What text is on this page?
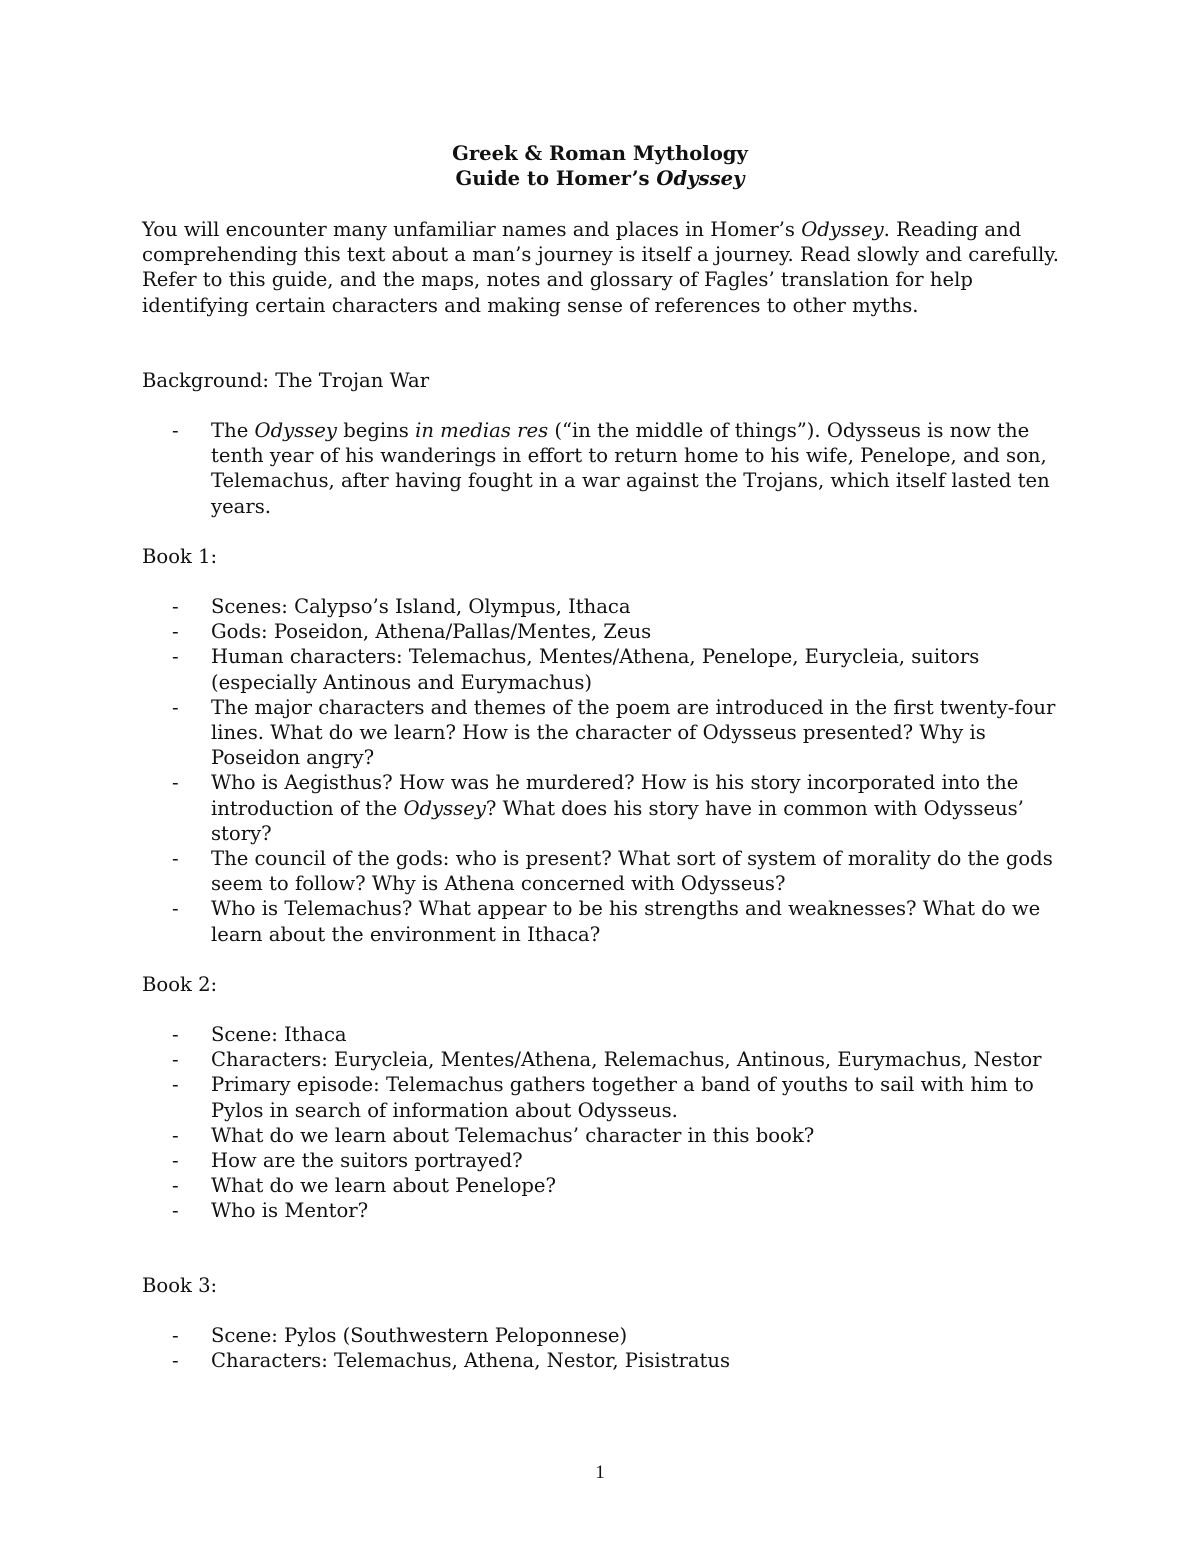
Greek & Roman Mythology
Guide to Homer’s Odyssey

You will encounter many unfamiliar names and places in Homer’s Odyssey. Reading and comprehending this text about a man’s journey is itself a journey. Read slowly and carefully. Refer to this guide, and the maps, notes and glossary of Fagles’ translation for help identifying certain characters and making sense of references to other myths.

Background: The Trojan War
- The Odyssey begins in medias res (“in the middle of things”). Odysseus is now the tenth year of his wanderings in effort to return home to his wife, Penelope, and son, Telemachus, after having fought in a war against the Trojans, which itself lasted ten years.
Book 1:
- Scenes: Calypso’s Island, Olympus, Ithaca
- Gods: Poseidon, Athena/Pallas/Mentes, Zeus
- Human characters: Telemachus, Mentes/Athena, Penelope, Eurycleia, suitors (especially Antinous and Eurymachus)
- The major characters and themes of the poem are introduced in the first twenty-four lines. What do we learn? How is the character of Odysseus presented? Why is Poseidon angry?
- Who is Aegisthus? How was he murdered? How is his story incorporated into the introduction of the Odyssey? What does his story have in common with Odysseus’ story?
- The council of the gods: who is present? What sort of system of morality do the gods seem to follow? Why is Athena concerned with Odysseus?
- Who is Telemachus? What appear to be his strengths and weaknesses? What do we learn about the environment in Ithaca?
Book 2:
- Scene: Ithaca
- Characters: Eurycleia, Mentes/Athena, Relemachus, Antinous, Eurymachus, Nestor
- Primary episode: Telemachus gathers together a band of youths to sail with him to Pylos in search of information about Odysseus.
- What do we learn about Telemachus’ character in this book?
- How are the suitors portrayed?
- What do we learn about Penelope?
- Who is Mentor?
Book 3:
- Scene: Pylos (Southwestern Peloponnese)
- Characters: Telemachus, Athena, Nestor, Pisistratus
1
